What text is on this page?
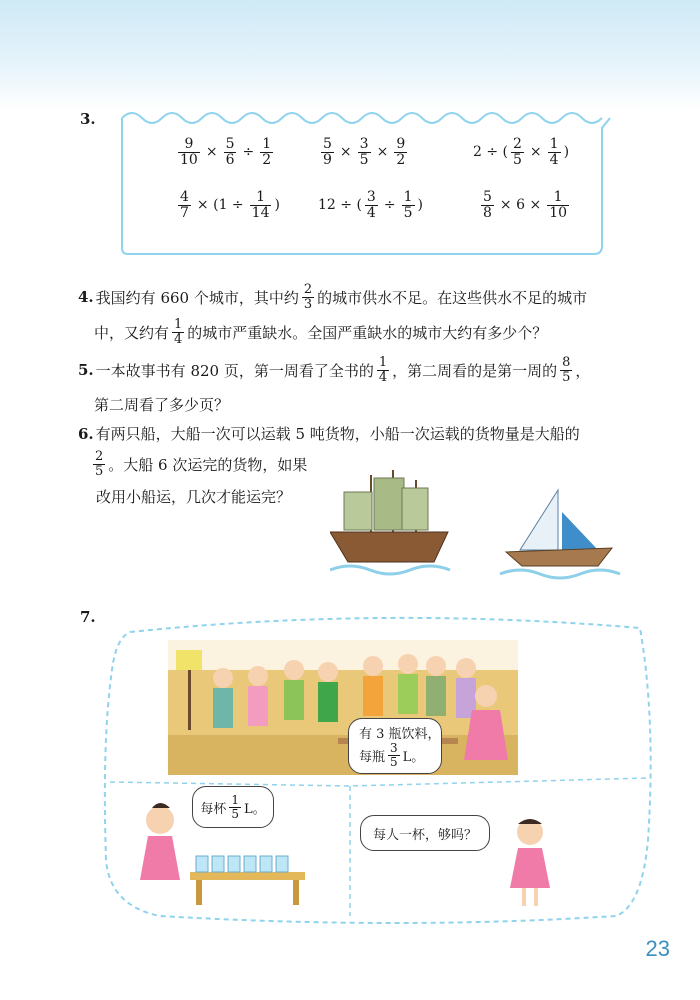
3.
$\frac{9}{10} \times \frac{5}{6} \div \frac{1}{2}$	$\frac{5}{9} \times \frac{3}{5} \times \frac{9}{2}$	2 ÷ ( $\frac{2}{5} \times \frac{1}{4}$ )
$\frac{4}{7} \times (1 \div \frac{1}{14}$ )	12 ÷ ( $\frac{3}{4} \div \frac{1}{5}$ )	$\frac{5}{8} \times 6 \times \frac{1}{10}$
4. 我国约有 660 个城市，其中约 $\frac{2}{3}$ 的城市供水不足。在这些供水不足的城市
中，又约有 $\frac{1}{4}$ 的城市严重缺水。全国严重缺水的城市大约有多少个？
5. 一本故事书有 820 页，第一周看了全书的 $\frac{1}{4}$ ，第二周看的是第一周的 $\frac{8}{5}$ ，
第二周看了多少页？
6. 有两只船，大船一次可以运载 5 吨货物，小船一次运载的货物量是大船的
$\frac{2}{5}$ 。大船 6 次运完的货物，如果
改用小船运，几次才能运完？
7.
有 3 瓶饮料，
每瓶 $\frac{3}{5}$ L。
每杯 $\frac{1}{5}$ L。
每人一杯，够吗？
23
